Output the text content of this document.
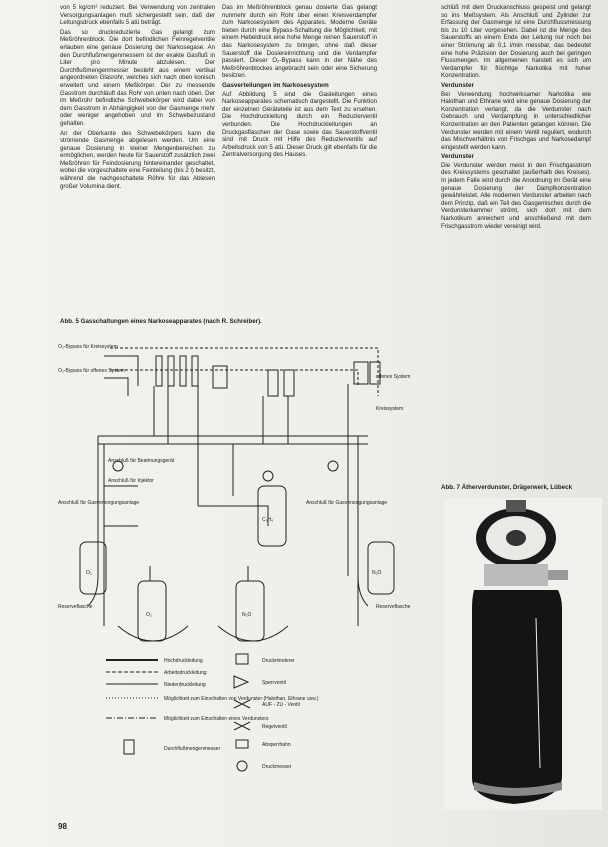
von 5 kg/cm² reduziert. Bei Verwendung von zentralen Versorgungsanlagen muß sichergestellt sein, daß der Leitungsdruck ebenfalls 5 atü beträgt.

Das so druckreduzierte Gas gelangt zum Meßröhrenblock. Die dort befindlichen Feinregelventile erlauben eine genaue Dosierung der Narkosegase. An den Durchflußmengenmessern ist der exakte Gasfluß in Liter pro Minute abzulesen. Der Durchflußmengenmesser besteht aus einem vertikal angeordneten Glasrohr, welches sich nach oben konisch erweitert und einem Meßkörper. Der zu messende Gasstrom durchläuft das Rohr von unten nach oben. Der im Meßrohr befindliche Schwebekörper wird dabei von dem Gasstrom in Abhängigkeit von der Gasmenge mehr oder weniger angehoben und im Schwebezustand gehalten.

An der Oberkante des Schwebekörpers kann die strömende Gasmenge abgelesen werden. Um eine genaue Dosierung in kleiner Mengenbereichen zu ermöglichen, werden heute für Sauerstoff zusätzlich zwei Meßröhren für Feindosierung hintereinander geschaltet, wobei die vorgeschaltete eine Feinteilung (bis 2 l) besitzt, während die nachgeschaltete Röhre für das Ablesen großer Volumina dient.

Das im Meßröhrenblock genau dosierte Gas gelangt nunmehr durch ein Rohr über einen Kreisverdampfer zum Narkosesystem des Apparates. Moderne Geräte bieten durch eine Bypass-Schaltung die Möglichkeit, mit einem Hebeldruck eine hohe Menge reinen Sauerstoff in das Narkosesystem zu bringen, ohne daß dieser Sauerstoff die Dosiereinrichtung und die Verdampfer passiert. Dieser O₂-Bypass kann in der Nähe des Meßröhrenblockes angebracht sein oder eine Sicherung besitzen.

Gasverteilungen im Narkosesystem

Auf Abbildung 5 sind die Gasleitungen eines Narkoseapparates schematisch dargestellt. Die Funktion der einzelnen Geräteteile ist aus dem Text zu ersehen. Die Hochdruckleitung durch ein Reduzierventil verbunden. Die Hochdruckleitungen an Druckgasflaschen der Gase sowie das Sauerstoffventil sind mit Druck mit Hilfe des Reduzierventils auf Arbeitsdruck von 5 atü. Dieser Druck gilt ebenfalls für die Zentralversorgung des Hauses.

schlüß mit dem Druckanschluss gespeist und gelangt so ins Meßsystem. Als Anschluß und Zylinder zur Erfassung der Gasmenge ist eine Durchflussmessung bis zu 10 Liter vorgesehen. Dabei ist die Menge des Sauerstoffs an einem Ende der Leitung nur noch bei einer Strömung ab 0,1 l/min messbar, das bedeutet eine hohe Präzision der Dosierung auch bei geringen Flussmengen. Im allgemeinen handelt es sich um Verdampfer für flüchtige Narkotika mit hoher Konzentration.

Verdunster

Bei Verwendung hochwirksamer Narkotika wie Halothan und Ethrane wird eine genaue Dosierung der Konzentration verlangt, da die Verdunster nach Gebrauch und Verdampfung in unterschiedlicher Konzentration an den Patienten gelangen können. Die Verdunster werden mit einem Ventil reguliert, wodurch das Mischverhältnis von Frischgas und Narkosedampf eingestellt werden kann.

Verdunster

Die Verdunster werden meist in den Frischgasstrom des Kreissystems geschaltet (außerhalb des Kreises). In jedem Falle wird durch die Anordnung im Gerät eine genaue Dosierung der Dampfkonzentration gewährleistet. Alle modernen Verdunster arbeiten nach dem Prinzip, daß ein Teil des Gasgemisches durch die Verdunsterkammer strömt, sich dort mit dem Narkotikum anreichert und anschließend mit dem Frischgasstrom wieder vereinigt wird.

Abb. 5 Gasschaltungen eines Narkoseapparates (nach R. Schreiber).
Abb. 7 Ätherverdunster, Drägerwerk, Lübeck
O₂-Bypass für Kreissystem
O₂-Bypass für offenes System
offenes System
Kreissystem
Anschluß für Beatmungsgerät
Anschluß für Injektor
Anschluß für Gasversorgungsanlage	Anschluß für Gasversorgungsanlage
C₃H₆
O₂
O₂	N₂O
N₂O
Reserveflasche	Reserveflasche
Hochdruckleitung
Arbeitsdruckleitung
Niederdruckleitung
Möglichkeit zum Einschalten von Verdunster (Halothan, Ethrane usw.)
Möglichkeit zum Einschalten eines Verdunsters
Durchflußmengenmesser
Druckminderer
Sperrventil
AUF - ZU - Ventil
Regelventil
Absperrhahn
Druckmesser
98
